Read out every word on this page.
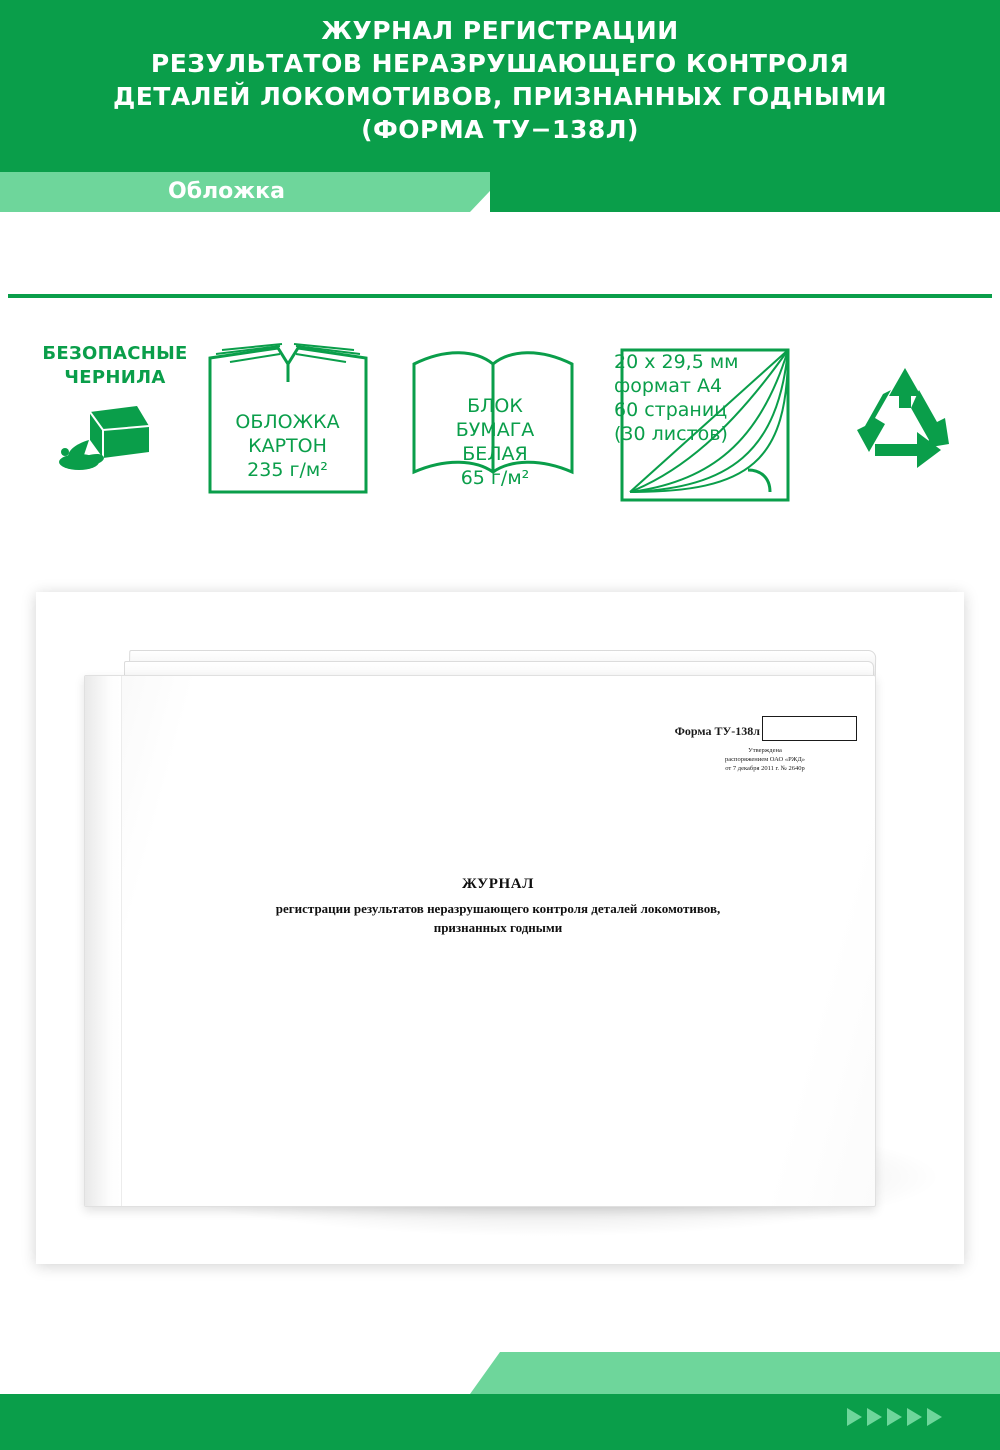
ЖУРНАЛ РЕГИСТРАЦИИ
РЕЗУЛЬТАТОВ НЕРАЗРУШАЮЩЕГО КОНТРОЛЯ
ДЕТАЛЕЙ ЛОКОМОТИВОВ, ПРИЗНАННЫХ ГОДНЫМИ
(ФОРМА ТУ−138Л)
Обложка
БЕЗОПАСНЫЕ
ЧЕРНИЛА
ОБЛОЖКА
КАРТОН
235 г/м²
БЛОК
БУМАГА
БЕЛАЯ
65 г/м²
20 х 29,5 мм
формат А4
60 страниц
(30 листов)
Форма ТУ-138л
Утверждена
распоряжением ОАО «РЖД»
от 7 декабря 2011 г. № 2640р
ЖУРНАЛ
регистрации результатов неразрушающего контроля деталей локомотивов,
признанных годными
